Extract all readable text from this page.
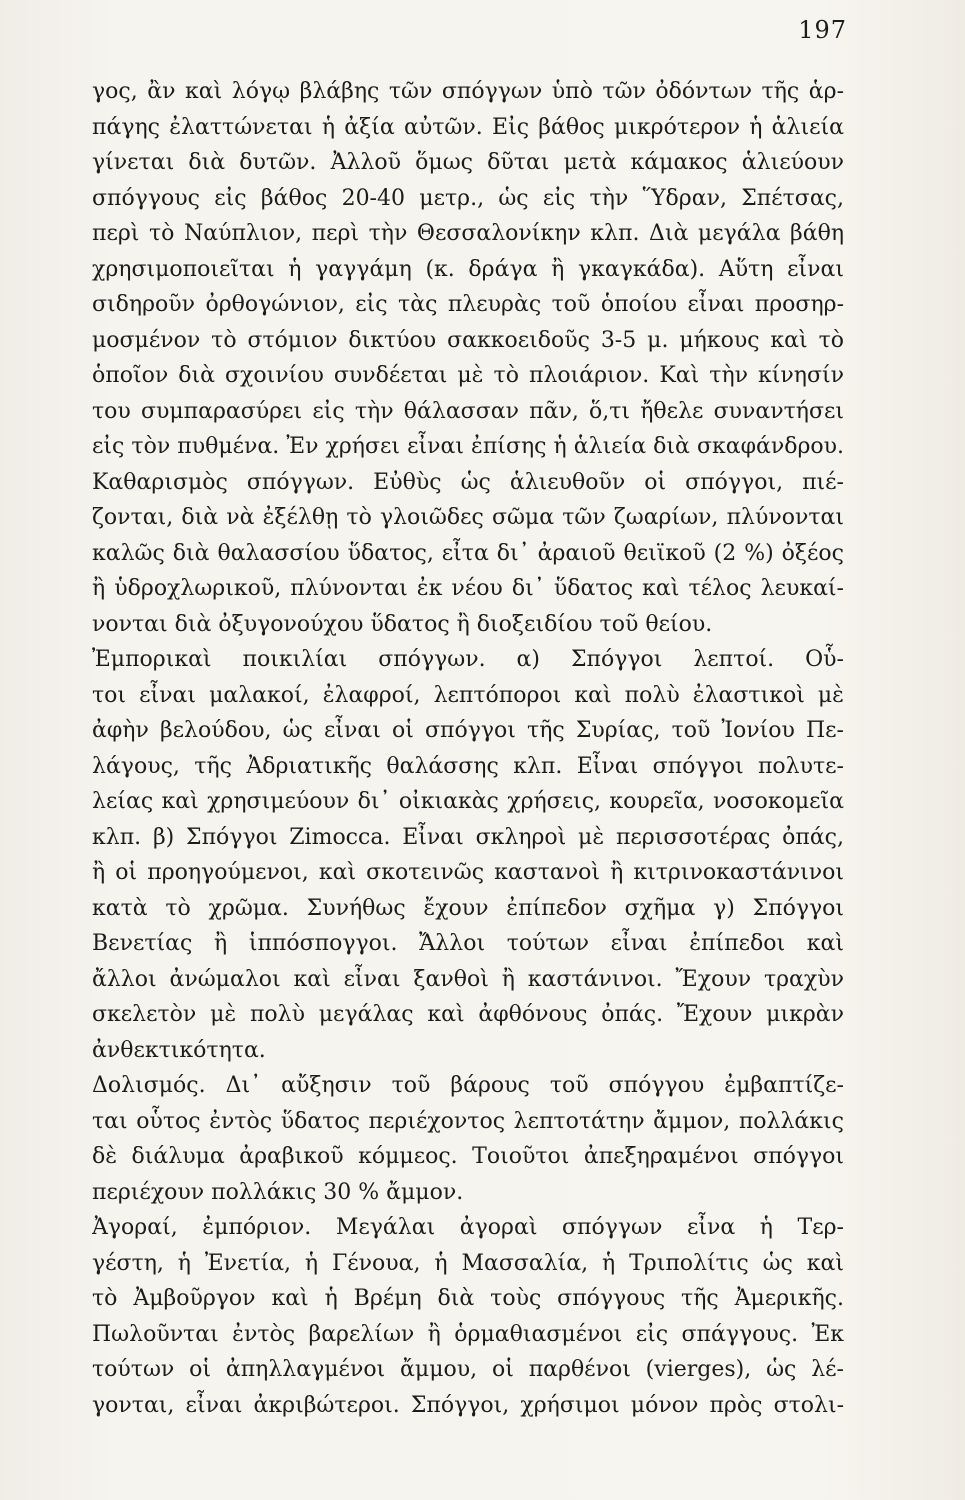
197
γος, ἂν καὶ λόγῳ βλάβης τῶν σπόγγων ὑπὸ τῶν ὀδόντων τῆς ἁρ-
πάγης ἐλαττώνεται ἡ ἀξία αὐτῶν. Εἰς βάθος μικρότερον ἡ ἁλιεία
γίνεται διὰ δυτῶν. Ἀλλοῦ ὅμως δῦται μετὰ κάμακος ἁλιεύουν
σπόγγους εἰς βάθος 20-40 μετρ., ὡς εἰς τὴν Ὕδραν, Σπέτσας,
περὶ τὸ Ναύπλιον, περὶ τὴν Θεσσαλονίκην κλπ. Διὰ μεγάλα βάθη
χρησιμοποιεῖται ἡ γαγγάμη (κ. δράγα ἢ γκαγκάδα). Αὕτη εἶναι
σιδηροῦν ὀρθογώνιον, εἰς τὰς πλευρὰς τοῦ ὁποίου εἶναι προσηρ-
μοσμένον τὸ στόμιον δικτύου σακκοειδοῦς 3-5 μ. μήκους καὶ τὸ
ὁποῖον διὰ σχοινίου συνδέεται μὲ τὸ πλοιάριον. Καὶ τὴν κίνησίν
του συμπαρασύρει εἰς τὴν θάλασσαν πᾶν, ὅ,τι ἤθελε συναντήσει
εἰς τὸν πυθμένα. Ἐν χρήσει εἶναι ἐπίσης ἡ ἁλιεία διὰ σκαφάνδρου.
Καθαρισμὸς σπόγγων. Εὐθὺς ὡς ἁλιευθοῦν οἱ σπόγγοι, πιέ-
ζονται, διὰ νὰ ἐξέλθῃ τὸ γλοιῶδες σῶμα τῶν ζωαρίων, πλύνονται
καλῶς διὰ θαλασσίου ὕδατος, εἶτα δι᾽ ἀραιοῦ θειϊκοῦ (2 %) ὀξέος
ἢ ὑδροχλωρικοῦ, πλύνονται ἐκ νέου δι᾽ ὕδατος καὶ τέλος λευκαί-
νονται διὰ ὀξυγονούχου ὕδατος ἢ διοξειδίου τοῦ θείου.
Ἐμπορικαὶ ποικιλίαι σπόγγων. α) Σπόγγοι λεπτοί. Οὗ-
τοι εἶναι μαλακοί, ἐλαφροί, λεπτόποροι καὶ πολὺ ἐλαστικοὶ μὲ
ἀφὴν βελούδου, ὡς εἶναι οἱ σπόγγοι τῆς Συρίας, τοῦ Ἰονίου Πε-
λάγους, τῆς Ἀδριατικῆς θαλάσσης κλπ. Εἶναι σπόγγοι πολυτε-
λείας καὶ χρησιμεύουν δι᾽ οἰκιακὰς χρήσεις, κουρεῖα, νοσοκομεῖα
κλπ. β) Σπόγγοι Zimocca. Εἶναι σκληροὶ μὲ περισσοτέρας ὀπάς,
ἢ οἱ προηγούμενοι, καὶ σκοτεινῶς καστανοὶ ἢ κιτρινοκαστάνινοι
κατὰ τὸ χρῶμα. Συνήθως ἔχουν ἐπίπεδον σχῆμα γ) Σπόγγοι
Βενετίας ἢ ἱππόσπογγοι. Ἄλλοι τούτων εἶναι ἐπίπεδοι καὶ
ἄλλοι ἀνώμαλοι καὶ εἶναι ξανθοὶ ἢ καστάνινοι. Ἔχουν τραχὺν
σκελετὸν μὲ πολὺ μεγάλας καὶ ἀφθόνους ὀπάς. Ἔχουν μικρὰν
ἀνθεκτικότητα.
Δολισμός. Δι᾽ αὔξησιν τοῦ βάρους τοῦ σπόγγου ἐμβαπτίζε-
ται οὗτος ἐντὸς ὕδατος περιέχοντος λεπτοτάτην ἄμμον, πολλάκις
δὲ διάλυμα ἀραβικοῦ κόμμεος. Τοιοῦτοι ἀπεξηραμένοι σπόγγοι
περιέχουν πολλάκις 30 % ἄμμον.
Ἀγοραί, ἐμπόριον. Μεγάλαι ἀγοραὶ σπόγγων εἶνα ἡ Τερ-
γέστη, ἡ Ἐνετία, ἡ Γένουα, ἡ Μασσαλία, ἡ Τριπολίτις ὡς καὶ
τὸ Ἀμβοῦργον καὶ ἡ Βρέμη διὰ τοὺς σπόγγους τῆς Ἀμερικῆς.
Πωλοῦνται ἐντὸς βαρελίων ἢ ὁρμαθιασμένοι εἰς σπάγγους. Ἐκ
τούτων οἱ ἀπηλλαγμένοι ἄμμου, οἱ παρθένοι (vierges), ὡς λέ-
γονται, εἶναι ἀκριβώτεροι. Σπόγγοι, χρήσιμοι μόνον πρὸς στολι-
